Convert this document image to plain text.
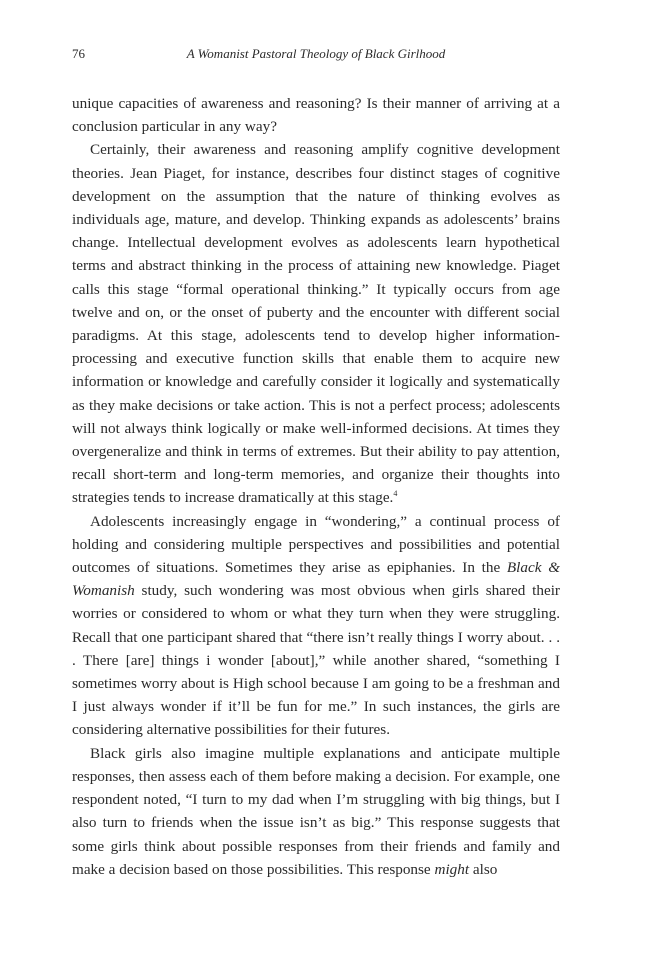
76	A Womanist Pastoral Theology of Black Girlhood

unique capacities of awareness and reasoning? Is their manner of arriving at a conclusion particular in any way?

Certainly, their awareness and reasoning amplify cognitive development theories. Jean Piaget, for instance, describes four distinct stages of cognitive development on the assumption that the nature of thinking evolves as individuals age, mature, and develop. Thinking expands as adolescents’ brains change. Intellectual development evolves as adolescents learn hypothetical terms and abstract thinking in the process of attaining new knowledge. Piaget calls this stage “formal operational thinking.” It typically occurs from age twelve and on, or the onset of puberty and the encounter with different social paradigms. At this stage, adolescents tend to develop higher information-processing and executive function skills that enable them to acquire new information or knowledge and carefully consider it logically and systematically as they make decisions or take action. This is not a perfect process; adolescents will not always think logically or make well-informed decisions. At times they overgeneralize and think in terms of extremes. But their ability to pay attention, recall short-term and long-term memories, and organize their thoughts into strategies tends to increase dramatically at this stage.$^4$

Adolescents increasingly engage in “wondering,” a continual process of holding and considering multiple perspectives and possibilities and potential outcomes of situations. Sometimes they arise as epiphanies. In the Black & Womanish study, such wondering was most obvious when girls shared their worries or considered to whom or what they turn when they were struggling. Recall that one participant shared that “there isn’t really things I worry about. . . . There [are] things i wonder [about],” while another shared, “something I sometimes worry about is High school because I am going to be a freshman and I just always wonder if it’ll be fun for me.” In such instances, the girls are considering alternative possibilities for their futures.

Black girls also imagine multiple explanations and anticipate multiple responses, then assess each of them before making a decision. For example, one respondent noted, “I turn to my dad when I’m struggling with big things, but I also turn to friends when the issue isn’t as big.” This response suggests that some girls think about possible responses from their friends and family and make a decision based on those possibilities. This response might also
